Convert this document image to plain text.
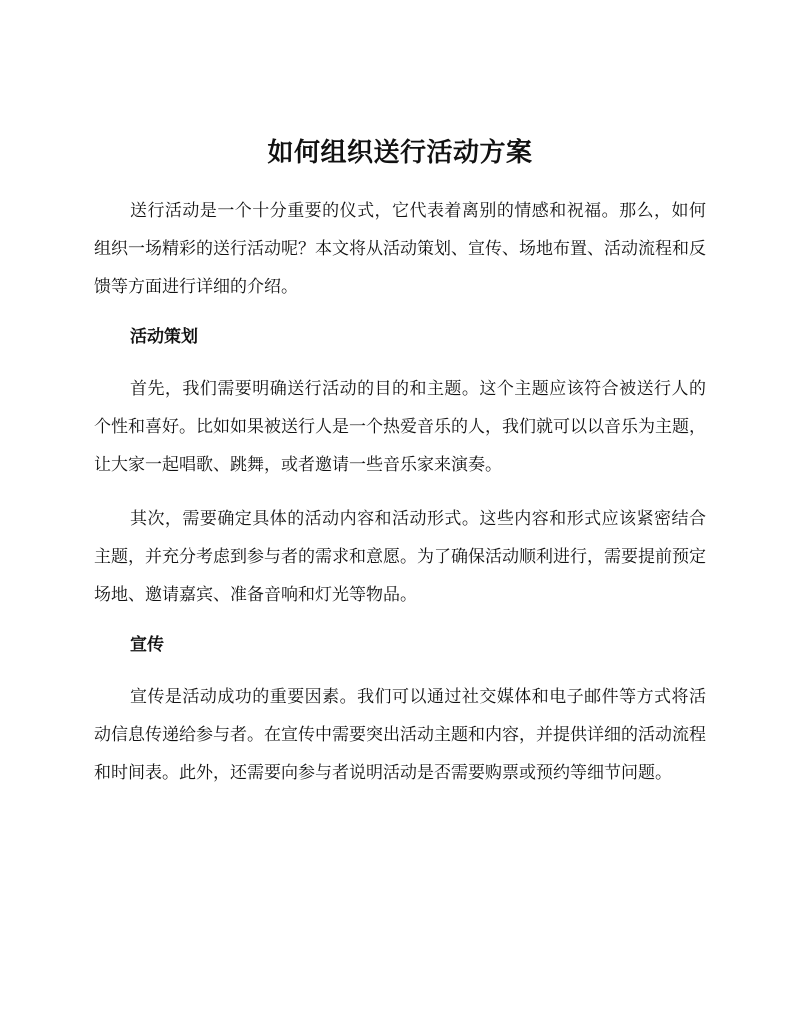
如何组织送行活动方案

送行活动是一个十分重要的仪式，它代表着离别的情感和祝福。那么，如何组织一场精彩的送行活动呢？本文将从活动策划、宣传、场地布置、活动流程和反馈等方面进行详细的介绍。

活动策划

首先，我们需要明确送行活动的目的和主题。这个主题应该符合被送行人的个性和喜好。比如如果被送行人是一个热爱音乐的人，我们就可以以音乐为主题，让大家一起唱歌、跳舞，或者邀请一些音乐家来演奏。

其次，需要确定具体的活动内容和活动形式。这些内容和形式应该紧密结合主题，并充分考虑到参与者的需求和意愿。为了确保活动顺利进行，需要提前预定场地、邀请嘉宾、准备音响和灯光等物品。

宣传

宣传是活动成功的重要因素。我们可以通过社交媒体和电子邮件等方式将活动信息传递给参与者。在宣传中需要突出活动主题和内容，并提供详细的活动流程和时间表。此外，还需要向参与者说明活动是否需要购票或预约等细节问题。
